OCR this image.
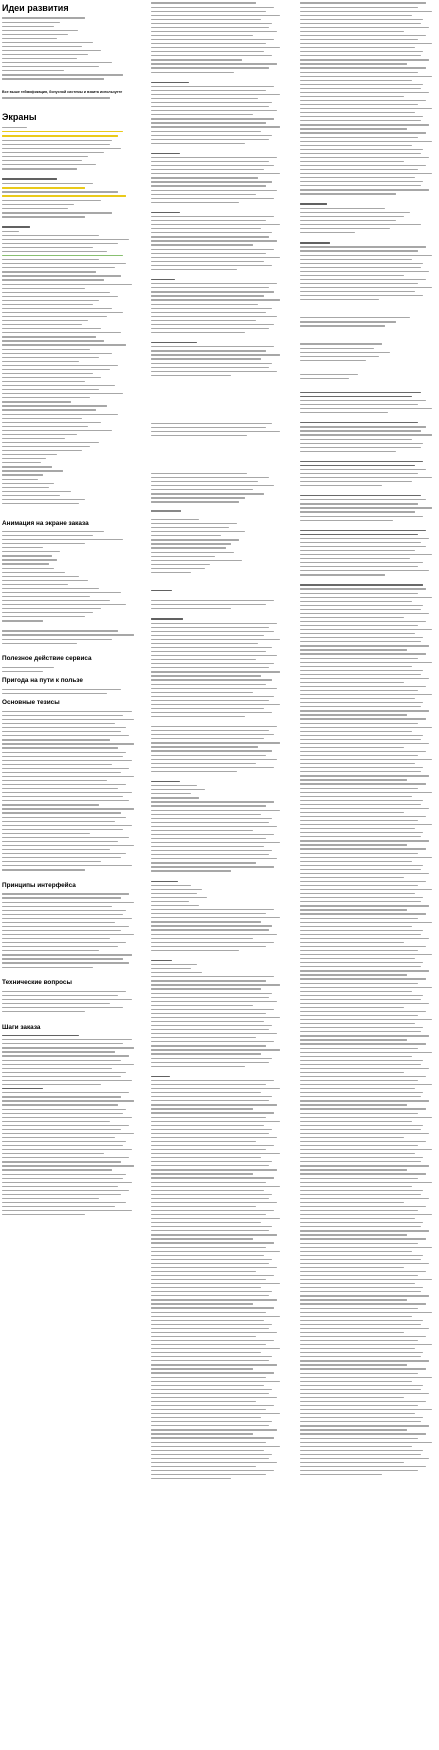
Идеи развития
Все выше геймификация, бонусной системы и взаита используете
Экраны
Анимация на экране заказа
Полезное действие сервиса
Пригода на пути к пользе
Основные тезисы
Принципы интерфейса
Технические вопросы
Шаги заказа
